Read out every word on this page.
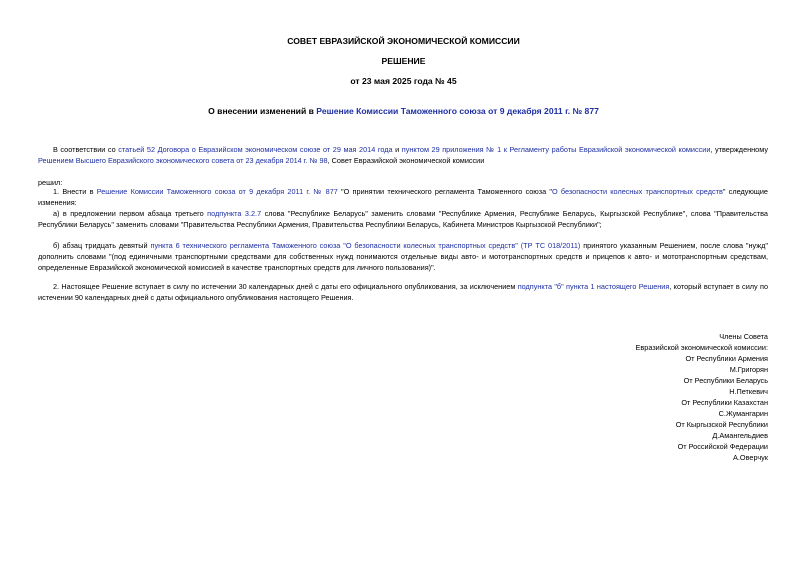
СОВЕТ ЕВРАЗИЙСКОЙ ЭКОНОМИЧЕСКОЙ КОМИССИИ
РЕШЕНИЕ
от 23 мая 2025 года № 45
О внесении изменений в Решение Комиссии Таможенного союза от 9 декабря 2011 г. № 877
В соответствии со статьей 52 Договора о Евразийском экономическом союзе от 29 мая 2014 года и пунктом 29 приложения № 1 к Регламенту работы Евразийской экономической комиссии, утвержденному Решением Высшего Евразийского экономического совета от 23 декабря 2014 г. № 98, Совет Евразийской экономической комиссии
решил:
1. Внести в Решение Комиссии Таможенного союза от 9 декабря 2011 г. № 877 "О принятии технического регламента Таможенного союза "О безопасности колесных транспортных средств" следующие изменения:
а) в предложении первом абзаца третьего подпункта 3.2.7 слова "Республике Беларусь" заменить словами "Республике Армения, Республике Беларусь, Кыргызской Республике", слова "Правительства Республики Беларусь" заменить словами "Правительства Республики Армения, Правительства Республики Беларусь, Кабинета Министров Кыргызской Республики";
б) абзац тридцать девятый пункта 6 технического регламента Таможенного союза "О безопасности колесных транспортных средств" (ТР ТС 018/2011) принятого указанным Решением, после слова "нужд" дополнить словами "(под единичными транспортными средствами для собственных нужд понимаются отдельные виды авто- и мототранспортных средств и прицепов к авто- и мототранспортным средствам, определенные Евразийской экономической комиссией в качестве транспортных средств для личного пользования)".
2. Настоящее Решение вступает в силу по истечении 30 календарных дней с даты его официального опубликования, за исключением подпункта "б" пункта 1 настоящего Решения, который вступает в силу по истечении 90 календарных дней с даты официального опубликования настоящего Решения.
Члены Совета
Евразийской экономической комиссии:
От Республики Армения
М.Григорян
От Республики Беларусь
Н.Петкевич
От Республики Казахстан
С.Жумангарин
От Кыргызской Республики
Д.Амангельдиев
От Российской Федерации
А.Оверчук
